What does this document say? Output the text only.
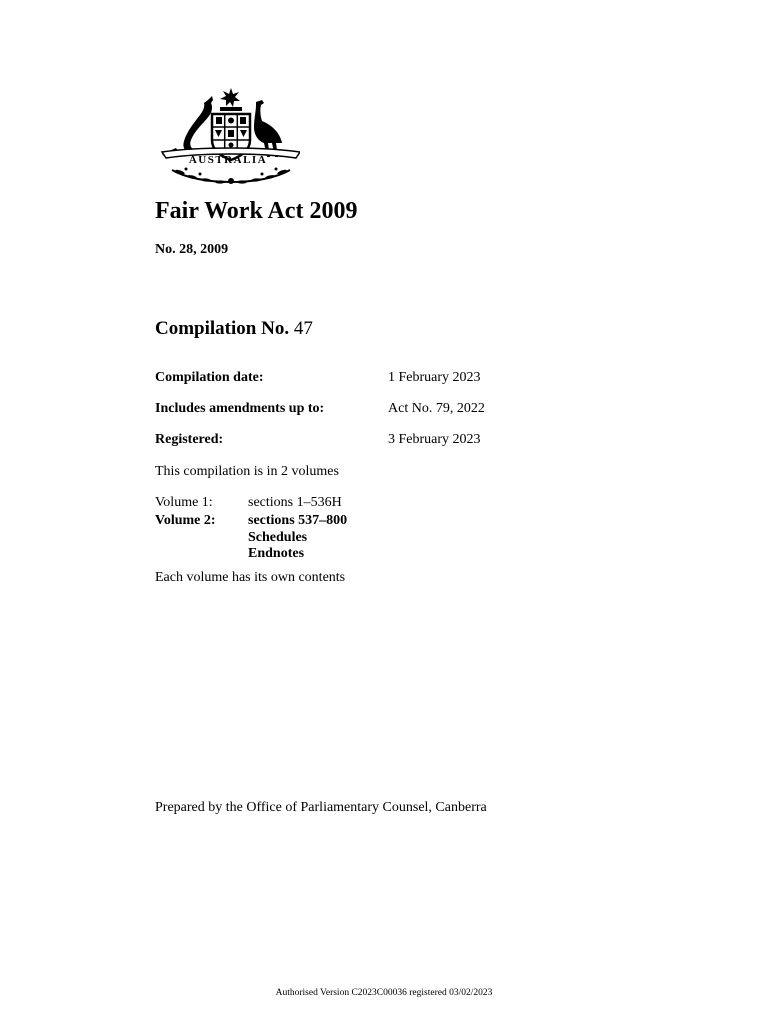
AUSTRALIA
Fair Work Act 2009
No. 28, 2009
Compilation No. 47
Compilation date:	1 February 2023
Includes amendments up to:	Act No. 79, 2022
Registered:	3 February 2023
This compilation is in 2 volumes
Volume 1:	sections 1–536H
Volume 2: sections 537–800
Schedules
Endnotes
Each volume has its own contents
Prepared by the Office of Parliamentary Counsel, Canberra
Authorised Version C2023C00036 registered 03/02/2023
